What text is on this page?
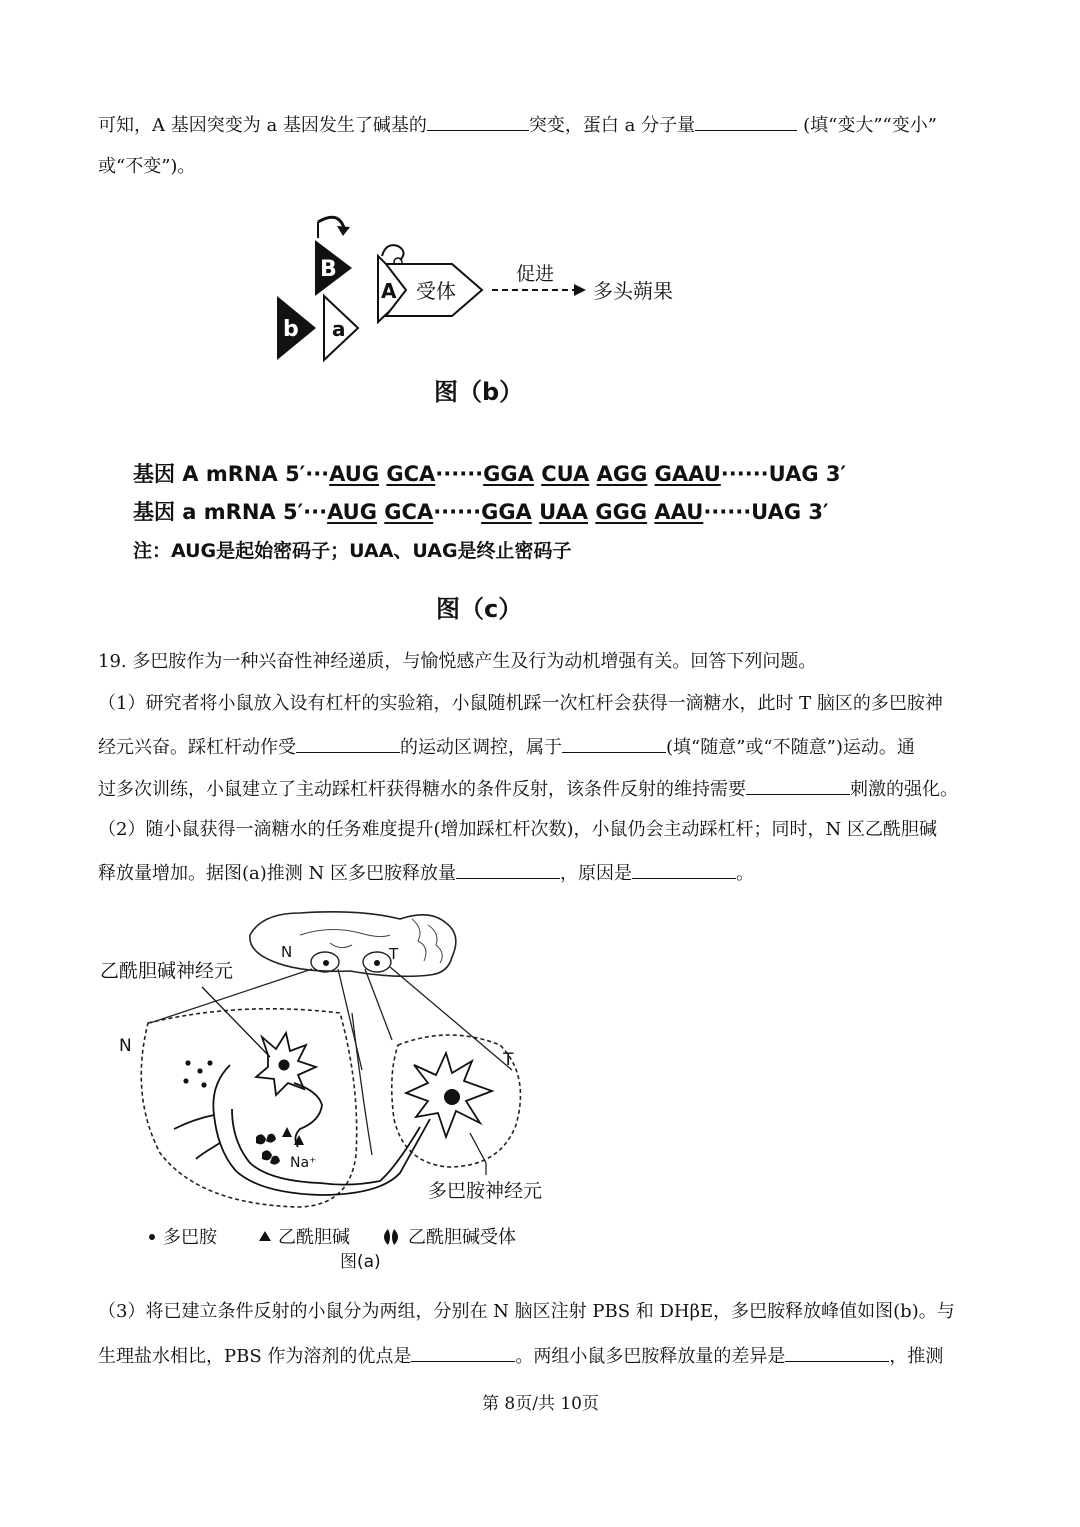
可知，A 基因突变为 a 基因发生了碱基的	突变，蛋白 a 分子量	(填“变大”“变小”
或“不变”)。
B
b a
A 受体
促进
多头蒴果
图（b）
基因 A mRNA 5′···AUG GCA······GGA CUA AGG GAAU······UAG 3′
基因 a mRNA 5′···AUG GCA······GGA UAA GGG AAU······UAG 3′
注：AUG是起始密码子；UAA、UAG是终止密码子
图（c）
19. 多巴胺作为一种兴奋性神经递质，与愉悦感产生及行为动机增强有关。回答下列问题。
（1）研究者将小鼠放入设有杠杆的实验箱，小鼠随机踩一次杠杆会获得一滴糖水，此时 T 脑区的多巴胺神
经元兴奋。踩杠杆动作受	的运动区调控，属于	(填“随意”或“不随意”)运动。通
过多次训练，小鼠建立了主动踩杠杆获得糖水的条件反射，该条件反射的维持需要	刺激的强化。
（2）随小鼠获得一滴糖水的任务难度提升(增加踩杠杆次数)，小鼠仍会主动踩杠杆；同时，N 区乙酰胆碱
释放量增加。据图(a)推测 N 区多巴胺释放量	，原因是	。
N	T
N
T
乙酰胆碱神经元
Na⁺
多巴胺神经元
多巴胺	乙酰胆碱	乙酰胆碱受体
图(a)
（3）将已建立条件反射的小鼠分为两组，分别在 N 脑区注射 PBS 和 DHβE，多巴胺释放峰值如图(b)。与
生理盐水相比，PBS 作为溶剂的优点是	。两组小鼠多巴胺释放量的差异是	，推测
第 8页/共 10页
